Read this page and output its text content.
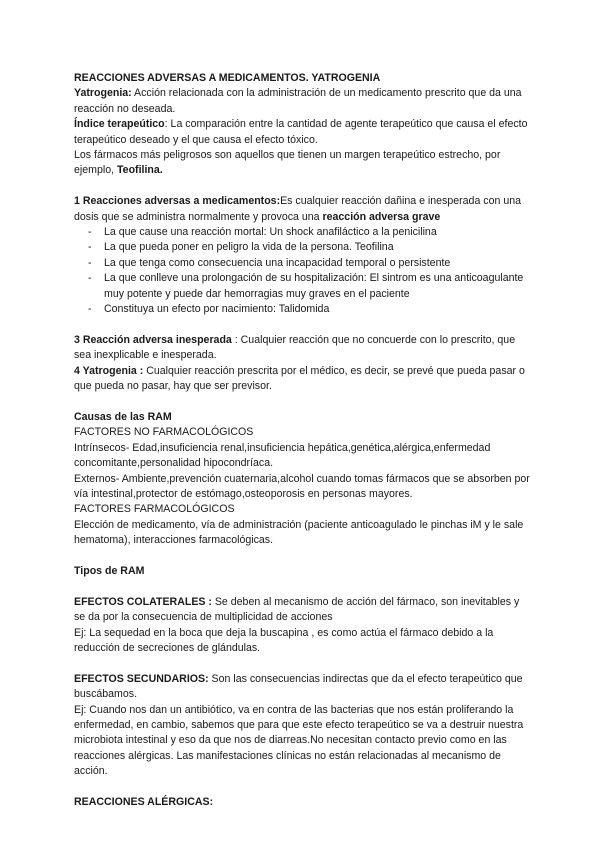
REACCIONES ADVERSAS A MEDICAMENTOS. YATROGENIA

Yatrogenia: Acción relacionada con la administración de un medicamento prescrito que da una reacción no deseada.

Índice terapeútico: La comparación entre la cantidad de agente terapeútico que causa el efecto terapeútico deseado y el que causa el efecto tóxico.

Los fármacos más peligrosos son aquellos que tienen un margen terapeútico estrecho, por ejemplo, Teofilina.

1 Reacciones adversas a medicamentos:Es cualquier reacción dañina e inesperada con una dosis que se administra normalmente y provoca una reacción adversa grave

- La que cause una reacción mortal: Un shock anafiláctico a la penicilina
- La que pueda poner en peligro la vida de la persona. Teofilina
- La que tenga como consecuencia una incapacidad temporal o persistente
- La que conlleve una prolongación de su hospitalización: El sintrom es una anticoagulante muy potente y puede dar hemorragias muy graves en el paciente
- Constituya un efecto por nacimiento: Talidomida

3 Reacción adversa inesperada : Cualquier reacción que no concuerde con lo prescrito, que sea inexplicable e inesperada.

4 Yatrogenia : Cualquier reacción prescrita por el médico, es decir, se prevé que pueda pasar o que pueda no pasar, hay que ser previsor.

Causas de las RAM

FACTORES NO FARMACOLÓGICOS

Intrínsecos- Edad,insuficiencia renal,insuficiencia hepática,genética,alérgica,enfermedad concomitante,personalidad hipocondríaca.

Externos- Ambiente,prevención cuaternaria,alcohol cuando tomas fármacos que se absorben por vía intestinal,protector de estómago,osteoporosis en personas mayores.

FACTORES FARMACOLÓGICOS

Elección de medicamento, vía de administración (paciente anticoagulado le pinchas iM y le sale hematoma), interacciones farmacológicas.

Tipos de RAM

EFECTOS COLATERALES : Se deben al mecanismo de acción del fármaco, son inevitables y se da por la consecuencia de multiplicidad de acciones

Ej: La sequedad en la boca que deja la buscapina , es como actúa el fármaco debido a la reducción de secreciones de glándulas.

EFECTOS SECUNDARIOS: Son las consecuencias indirectas que da el efecto terapeútico que buscábamos.

Ej: Cuando nos dan un antibiótico, va en contra de las bacterias que nos están proliferando la enfermedad, en cambio, sabemos que para que este efecto terapeútico se va a destruir nuestra microbiota intestinal y eso da que nos de diarreas.No necesitan contacto previo como en las reacciones alérgicas. Las manifestaciones clínicas no están relacionadas al mecanismo de acción.

REACCIONES ALÉRGICAS:
